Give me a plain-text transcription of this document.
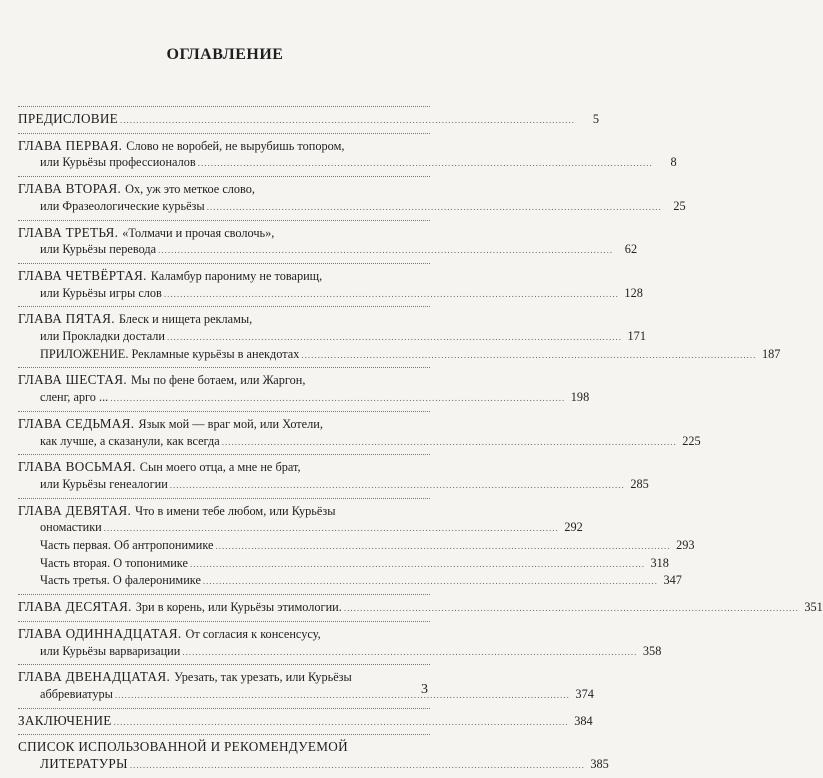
ОГЛАВЛЕНИЕ
ПРЕДИСЛОВИЕ .....	5
ГЛАВА ПЕРВАЯ. Слово не воробей, не вырубишь топором,
или Курьёзы профессионалов .....	8
ГЛАВА ВТОРАЯ. Ох, уж это меткое слово,
или Фразеологические курьёзы .....	25
ГЛАВА ТРЕТЬЯ. «Толмачи и прочая сволочь»,
или Курьёзы перевода .....	62
ГЛАВА ЧЕТВЁРТАЯ. Каламбур парониму не товарищ,
или Курьёзы игры слов .....	128
ГЛАВА ПЯТАЯ. Блеск и нищета рекламы,
или Прокладки достали .....	171
ПРИЛОЖЕНИЕ. Рекламные курьёзы в анекдотах .....	187
ГЛАВА ШЕСТАЯ. Мы по фене ботаем, или Жаргон,
сленг, арго ... .....	198
ГЛАВА СЕДЬМАЯ. Язык мой — враг мой, или Хотели,
как лучше, а сказанули, как всегда .....	225
ГЛАВА ВОСЬМАЯ. Сын моего отца, а мне не брат,
или Курьёзы генеалогии .....	285
ГЛАВА ДЕВЯТАЯ. Что в имени тебе любом, или Курьёзы
ономастики .....	292
Часть первая. Об антропонимике .....	293
Часть вторая. О топонимике .....	318
Часть третья. О фалеронимике .....	347
ГЛАВА ДЕСЯТАЯ. Зри в корень, или Курьёзы этимологии. .....	351
ГЛАВА ОДИННАДЦАТАЯ. От согласия к консенсусу,
или Курьёзы варваризации .....	358
ГЛАВА ДВЕНАДЦАТАЯ. Урезать, так урезать, или Курьёзы
аббревиатуры .....	374
ЗАКЛЮЧЕНИЕ .....	384
СПИСОК ИСПОЛЬЗОВАННОЙ И РЕКОМЕНДУЕМОЙ
ЛИТЕРАТУРЫ .....	385
3
